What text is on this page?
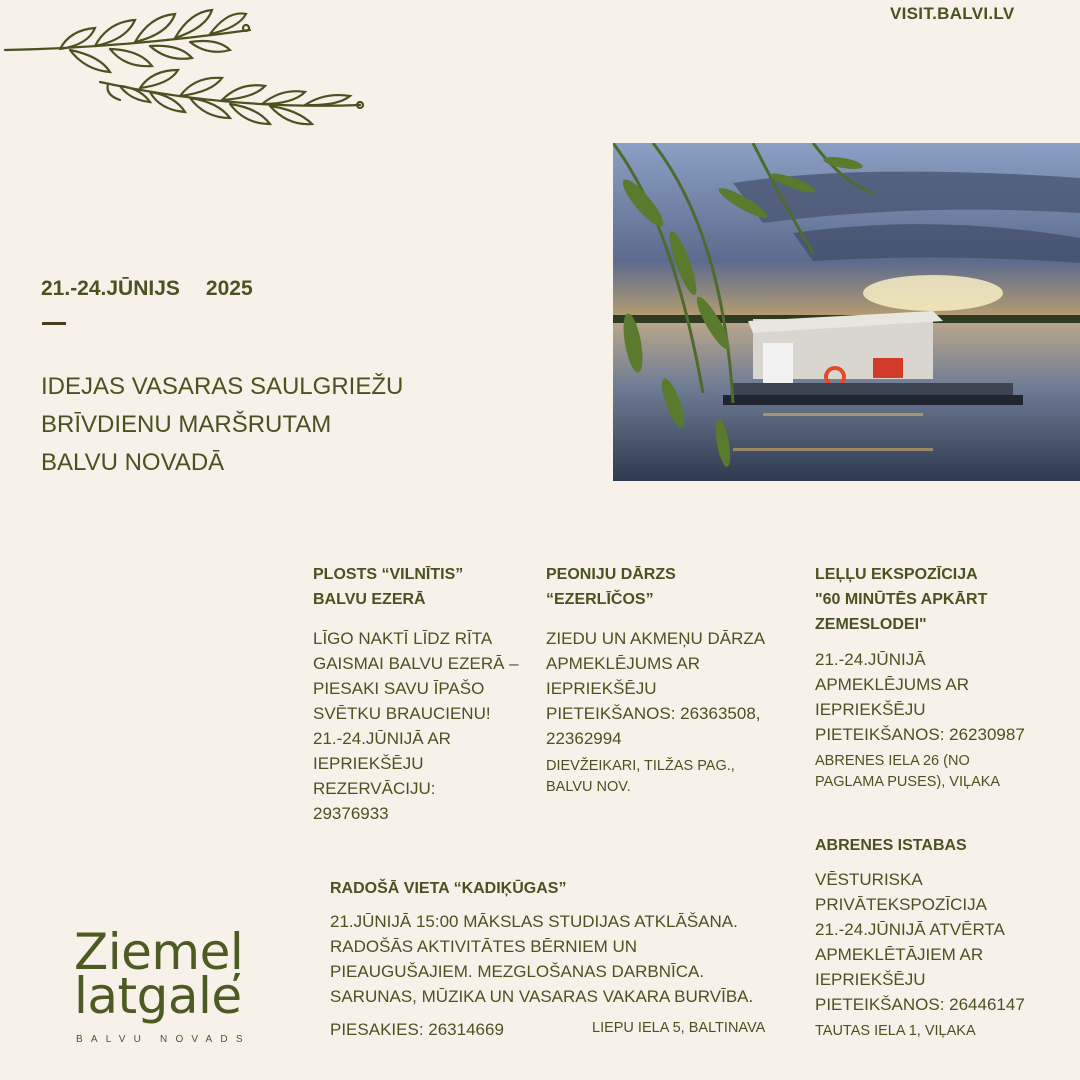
VISIT.BALVI.LV
21.-24.JŪNIJS 2025
IDEJAS VASARAS SAULGRIEŽU
BRĪVDIENU MARŠRUTAM
BALVU NOVADĀ
PLOSTS “VILNĪTIS”
BALVU EZERĀ
LĪGO NAKTĪ LĪDZ RĪTA
GAISMAI BALVU EZERĀ –
PIESAKI SAVU ĪPAŠO
SVĒTKU BRAUCIENU!
21.-24.JŪNIJĀ AR
IEPRIEKŠĒJU
REZERVĀCIJU:
29376933
PEONIJU DĀRZS
“EZERLĪČOS”
ZIEDU UN AKMEŅU DĀRZA
APMEKLĒJUMS AR
IEPRIEKŠĒJU
PIETEIKŠANOS: 26363508,
22362994
DIEVŽEIKARI, TILŽAS PAG.,
BALVU NOV.
LEĻĻU EKSPOZĪCIJA
"60 MINŪTĒS APKĀRT
ZEMESLODEI"
21.-24.JŪNIJĀ
APMEKLĒJUMS AR
IEPRIEKŠĒJU
PIETEIKŠANOS: 26230987
ABRENES IELA 26 (NO
PAGLAMA PUSES), VIĻAKA
ABRENES ISTABAS
VĒSTURISKA
PRIVĀTEKSPOZĪCIJA
21.-24.JŪNIJĀ ATVĒRTA
APMEKLĒTĀJIEM AR
IEPRIEKŠĒJU
PIETEIKŠANOS: 26446147
TAUTAS IELA 1, VIĻAKA
RADOŠĀ VIETA “KADIĶŪGAS”
21.JŪNIJĀ 15:00 MĀKSLAS STUDIJAS ATKLĀŠANA.
RADOŠĀS AKTIVITĀTES BĒRNIEM UN
PIEAUGUŠAJIEM. MEZGLOŠANAS DARBNĪCA.
SARUNAS, MŪZIKA UN VASARAS VAKARA BURVĪBA.
PIESAKIES: 26314669	LIEPU IELA 5, BALTINAVA
Ziemeļ
latgale
BALVU NOVADS
